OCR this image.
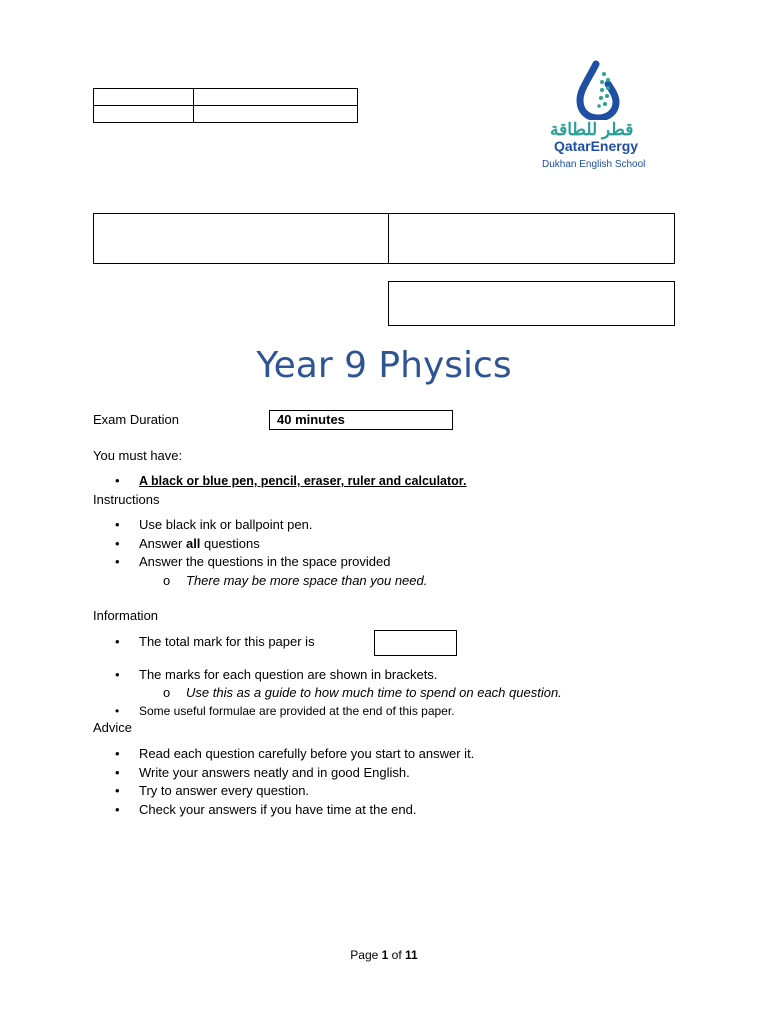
قطر للطاقة
QatarEnergy
Dukhan English School
Year 9 Physics
Exam Duration	40 minutes
You must have:
• A black or blue pen, pencil, eraser, ruler and calculator.
Instructions
• Use black ink or ballpoint pen.
• Answer all questions
• Answer the questions in the space provided
o There may be more space than you need.
Information
• The total mark for this paper is
• The marks for each question are shown in brackets.
o Use this as a guide to how much time to spend on each question.
• Some useful formulae are provided at the end of this paper.
Advice
• Read each question carefully before you start to answer it.
• Write your answers neatly and in good English.
• Try to answer every question.
• Check your answers if you have time at the end.
Page 1 of 11
